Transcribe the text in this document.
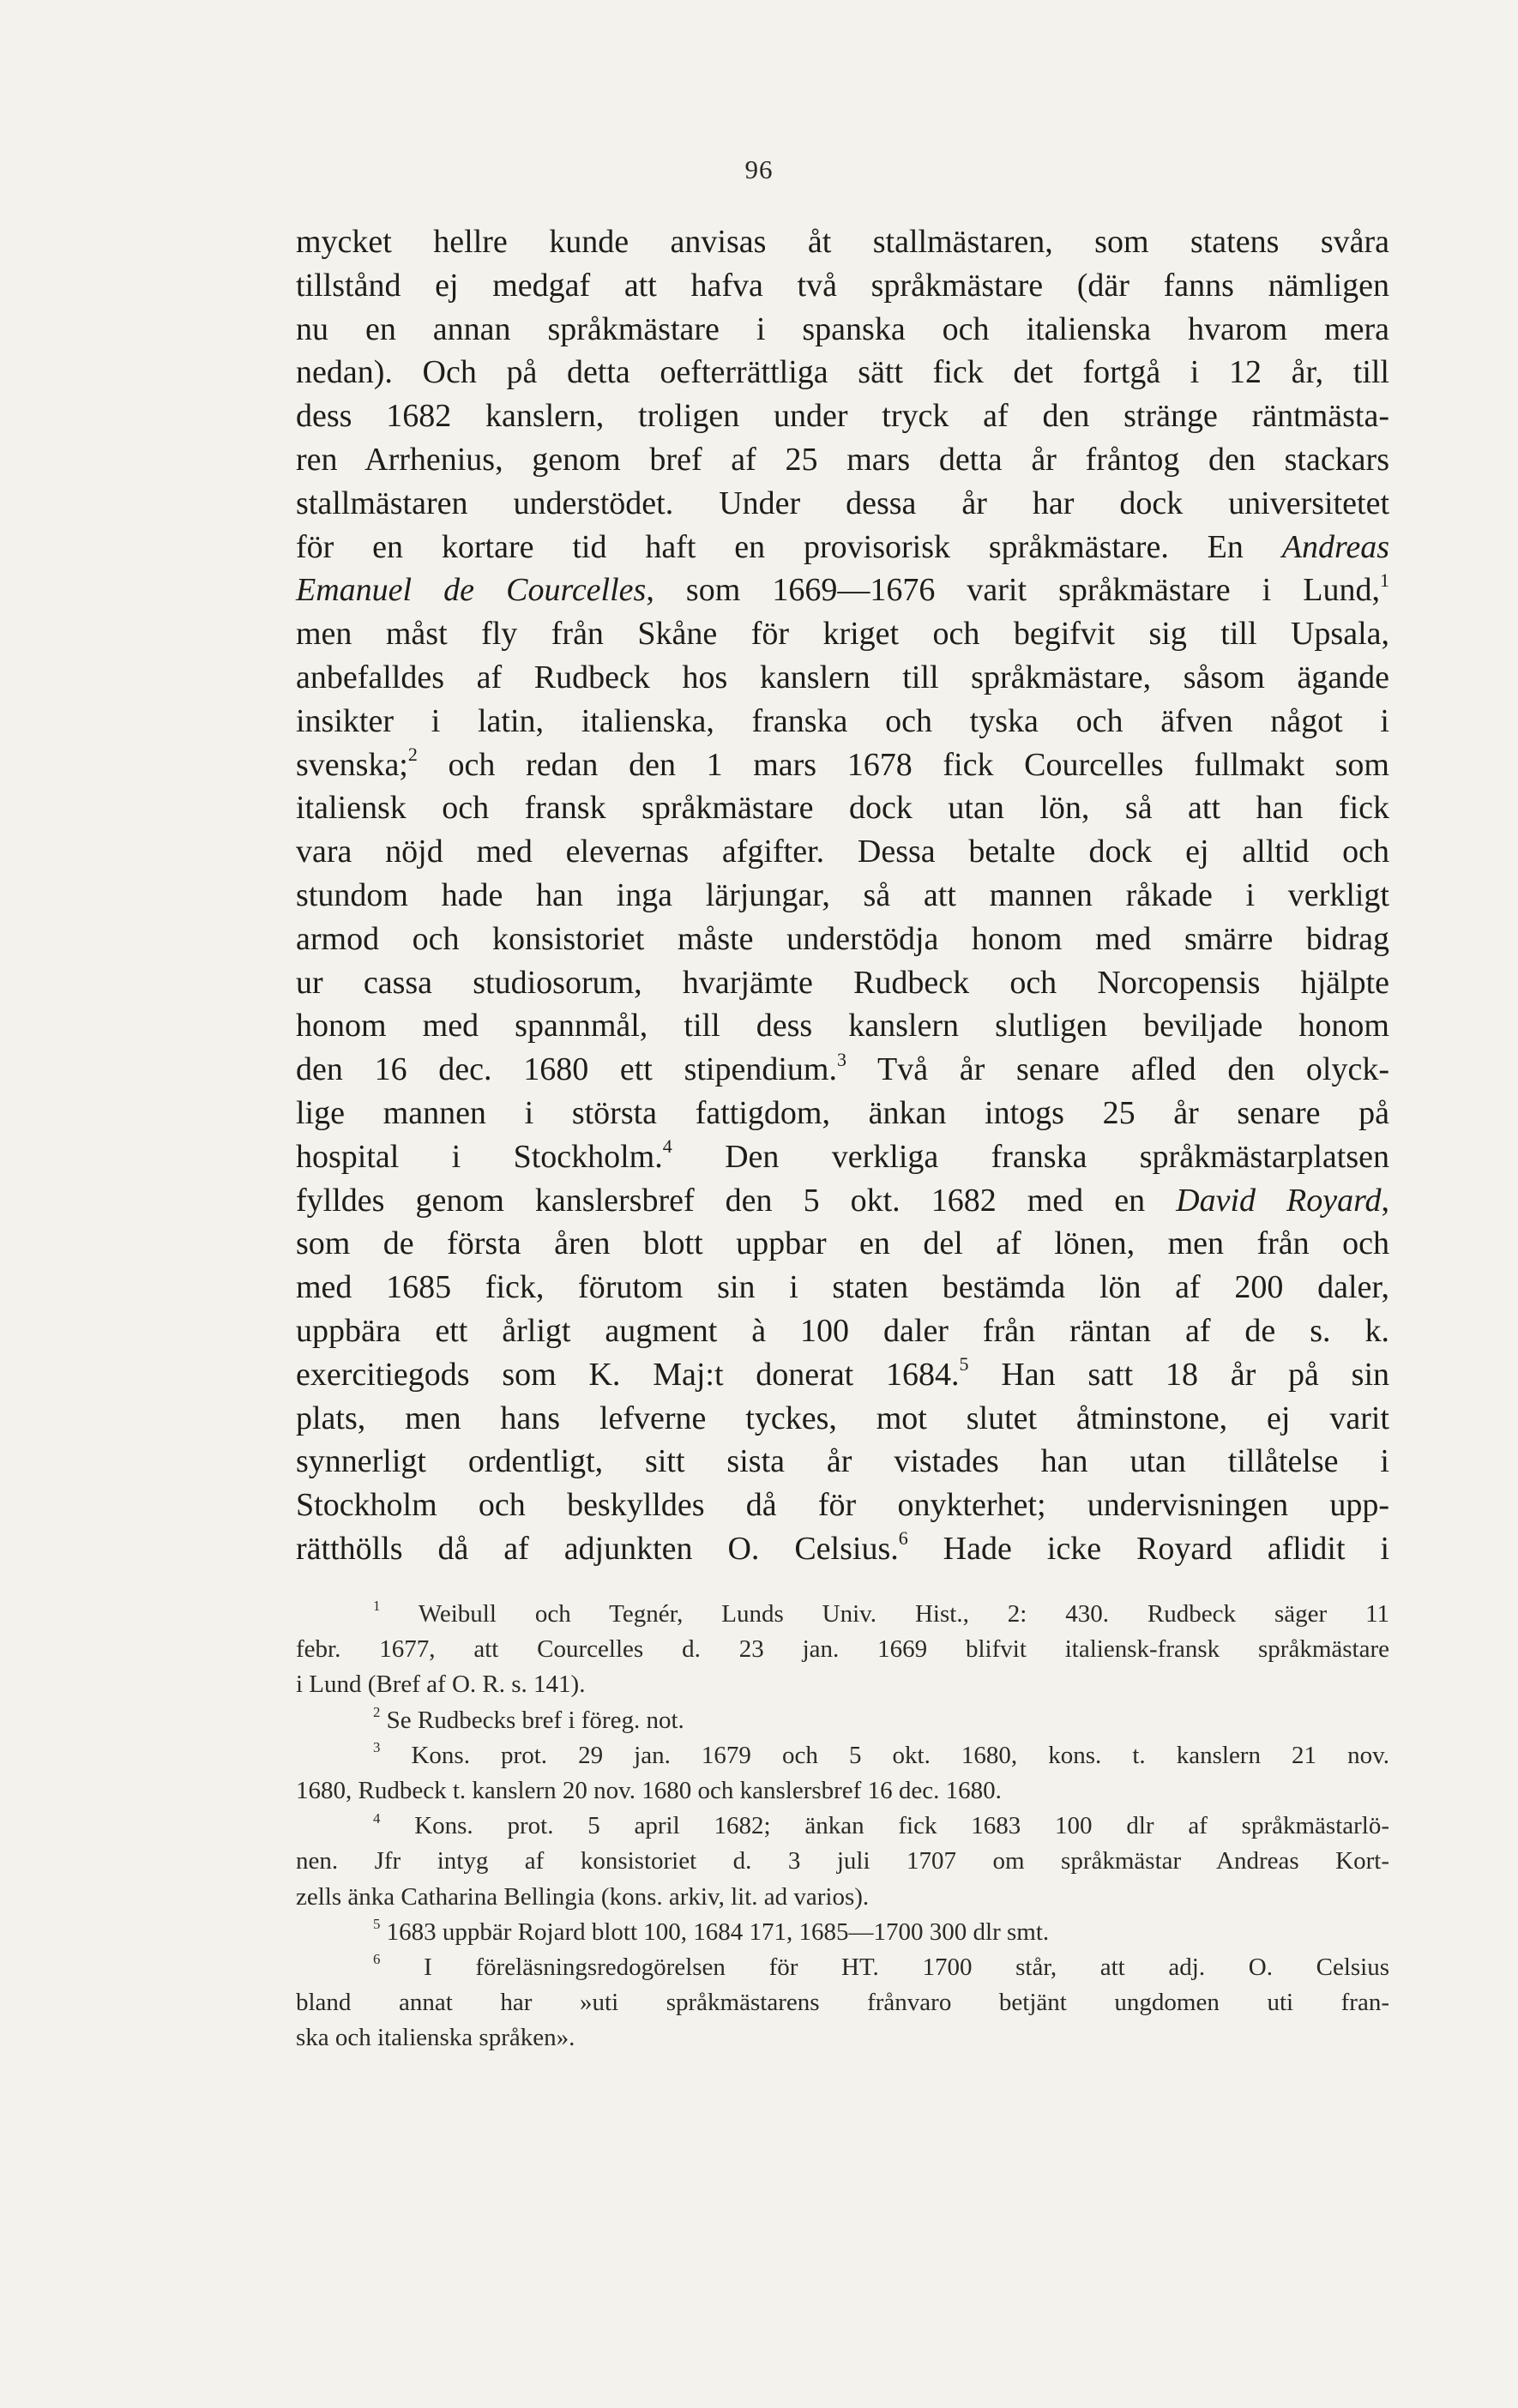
96
mycket hellre kunde anvisas åt stallmästaren, som statens svåra
tillstånd ej medgaf att hafva två språkmästare (där fanns nämligen
nu en annan språkmästare i spanska och italienska hvarom mera
nedan). Och på detta oefterrättliga sätt fick det fortgå i 12 år, till
dess 1682 kanslern, troligen under tryck af den stränge räntmästa-
ren Arrhenius, genom bref af 25 mars detta år fråntog den stackars
stallmästaren understödet. Under dessa år har dock universitetet
för en kortare tid haft en provisorisk språkmästare. En Andreas
Emanuel de Courcelles, som 1669—1676 varit språkmästare i Lund,$^1$
men måst fly från Skåne för kriget och begifvit sig till Upsala,
anbefalldes af Rudbeck hos kanslern till språkmästare, såsom ägande
insikter i latin, italienska, franska och tyska och äfven något i
svenska;$^2$ och redan den 1 mars 1678 fick Courcelles fullmakt som
italiensk och fransk språkmästare dock utan lön, så att han fick
vara nöjd med elevernas afgifter. Dessa betalte dock ej alltid och
stundom hade han inga lärjungar, så att mannen råkade i verkligt
armod och konsistoriet måste understödja honom med smärre bidrag
ur cassa studiosorum, hvarjämte Rudbeck och Norcopensis hjälpte
honom med spannmål, till dess kanslern slutligen beviljade honom
den 16 dec. 1680 ett stipendium.$^3$ Två år senare afled den olyck-
lige mannen i största fattigdom, änkan intogs 25 år senare på
hospital i Stockholm.$^4$ Den verkliga franska språkmästarplatsen
fylldes genom kanslersbref den 5 okt. 1682 med en David Royard,
som de första åren blott uppbar en del af lönen, men från och
med 1685 fick, förutom sin i staten bestämda lön af 200 daler,
uppbära ett årligt augment à 100 daler från räntan af de s. k.
exercitiegods som K. Maj:t donerat 1684.$^5$ Han satt 18 år på sin
plats, men hans lefverne tyckes, mot slutet åtminstone, ej varit
synnerligt ordentligt, sitt sista år vistades han utan tillåtelse i
Stockholm och beskylldes då för onykterhet; undervisningen upp-
rätthölls då af adjunkten O. Celsius.$^6$ Hade icke Royard aflidit i
$^1$ Weibull och Tegnér, Lunds Univ. Hist., 2: 430. Rudbeck säger 11
febr. 1677, att Courcelles d. 23 jan. 1669 blifvit italiensk-fransk språkmästare
i Lund (Bref af O. R. s. 141).
$^2$ Se Rudbecks bref i föreg. not.
$^3$ Kons. prot. 29 jan. 1679 och 5 okt. 1680, kons. t. kanslern 21 nov.
1680, Rudbeck t. kanslern 20 nov. 1680 och kanslersbref 16 dec. 1680.
$^4$ Kons. prot. 5 april 1682; änkan fick 1683 100 dlr af språkmästarlö-
nen. Jfr intyg af konsistoriet d. 3 juli 1707 om språkmästar Andreas Kort-
zells änka Catharina Bellingia (kons. arkiv, lit. ad varios).
$^5$ 1683 uppbär Rojard blott 100, 1684 171, 1685—1700 300 dlr smt.
$^6$ I föreläsningsredogörelsen för HT. 1700 står, att adj. O. Celsius
bland annat har »uti språkmästarens frånvaro betjänt ungdomen uti fran-
ska och italienska språken».
